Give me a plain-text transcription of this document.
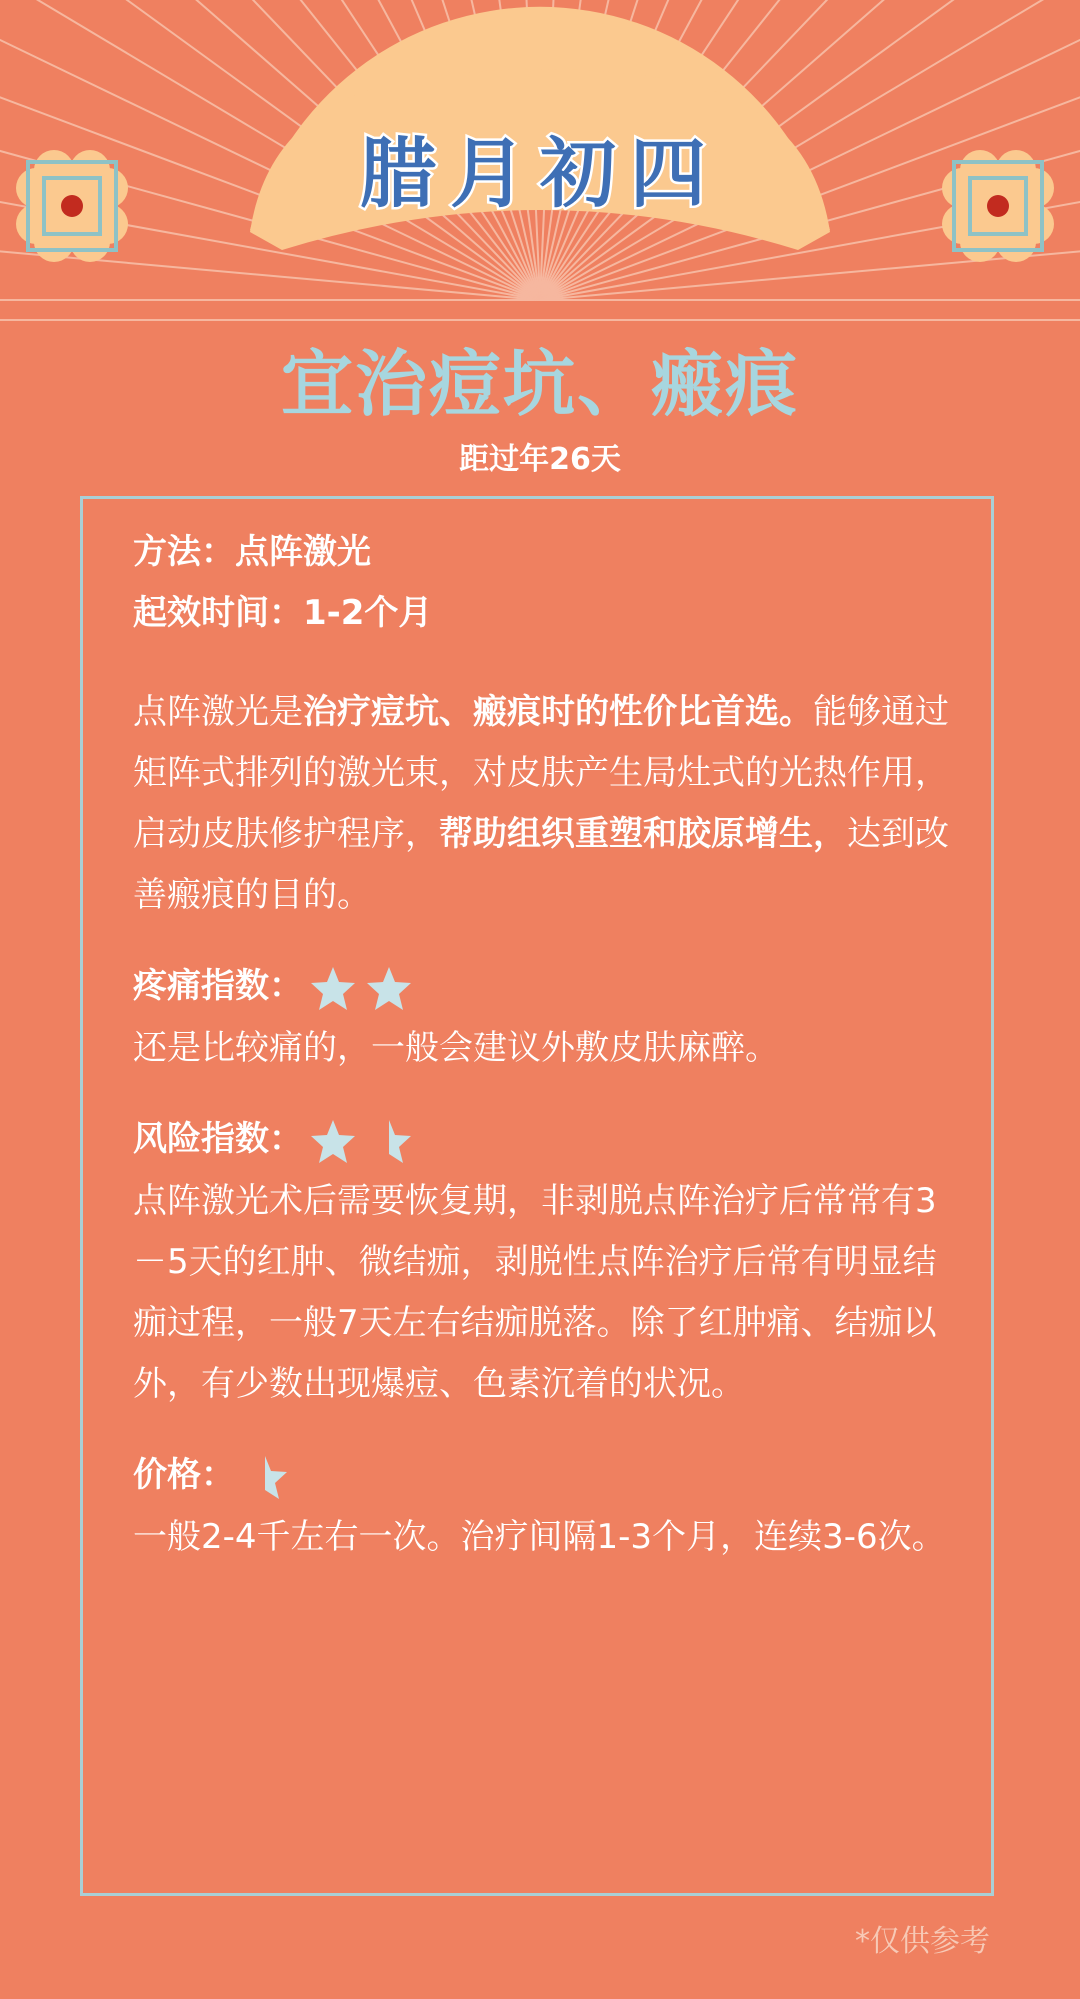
腊月初四
宜治痘坑、瘢痕
距过年26天

方法：点阵激光

起效时间：1-2个月

点阵激光是治疗痘坑、瘢痕时的性价比首选。能够通过矩阵式排列的激光束，对皮肤产生局灶式的光热作用，启动皮肤修护程序，帮助组织重塑和胶原增生，达到改善瘢痕的目的。

疼痛指数：

还是比较痛的，一般会建议外敷皮肤麻醉。

风险指数：

点阵激光术后需要恢复期，非剥脱点阵治疗后常常有3－5天的红肿、微结痂，剥脱性点阵治疗后常有明显结痂过程，一般7天左右结痂脱落。除了红肿痛、结痂以外，有少数出现爆痘、色素沉着的状况。

价格：

一般2-4千左右一次。治疗间隔1-3个月，连续3-6次。

*仅供参考
